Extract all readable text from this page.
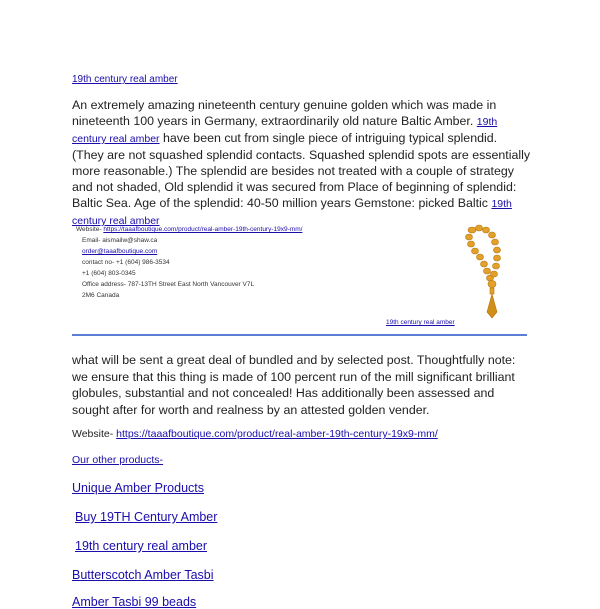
19th century real amber
An extremely amazing nineteenth century genuine golden which was made in nineteenth 100 years in Germany, extraordinarily old nature Baltic Amber. 19th century real amber have been cut from single piece of intriguing typical splendid. (They are not squashed splendid contacts. Squashed splendid spots are essentially more reasonable.) The splendid are besides not treated with a couple of strategy and not shaded, Old splendid it was secured from Place of beginning of splendid: Baltic Sea. Age of the splendid: 40-50 million years Gemstone: picked Baltic 19th century real amber
Website- https://taaafboutique.com/product/real-amber-19th-century-19x9-mm/
Email- aismailw@shaw.ca
order@taaafboutique.com
contact no- +1 (604) 986-3534
+1 (604) 803-0345
Office address- 787-13TH Street East North Vancouver V7L
2M6 Canada
19th century real amber
what will be sent a great deal of bundled and by selected post. Thoughtfully note: we ensure that this thing is made of 100 percent run of the mill significant brilliant globules, substantial and not concealed! Has additionally been assessed and sought after for worth and realness by an attested golden vender.
Website- https://taaafboutique.com/product/real-amber-19th-century-19x9-mm/
Our other products-
Unique Amber Products
Buy 19TH Century Amber
19th century real amber
Butterscotch Amber Tasbi
Amber Tasbi 99 beads
